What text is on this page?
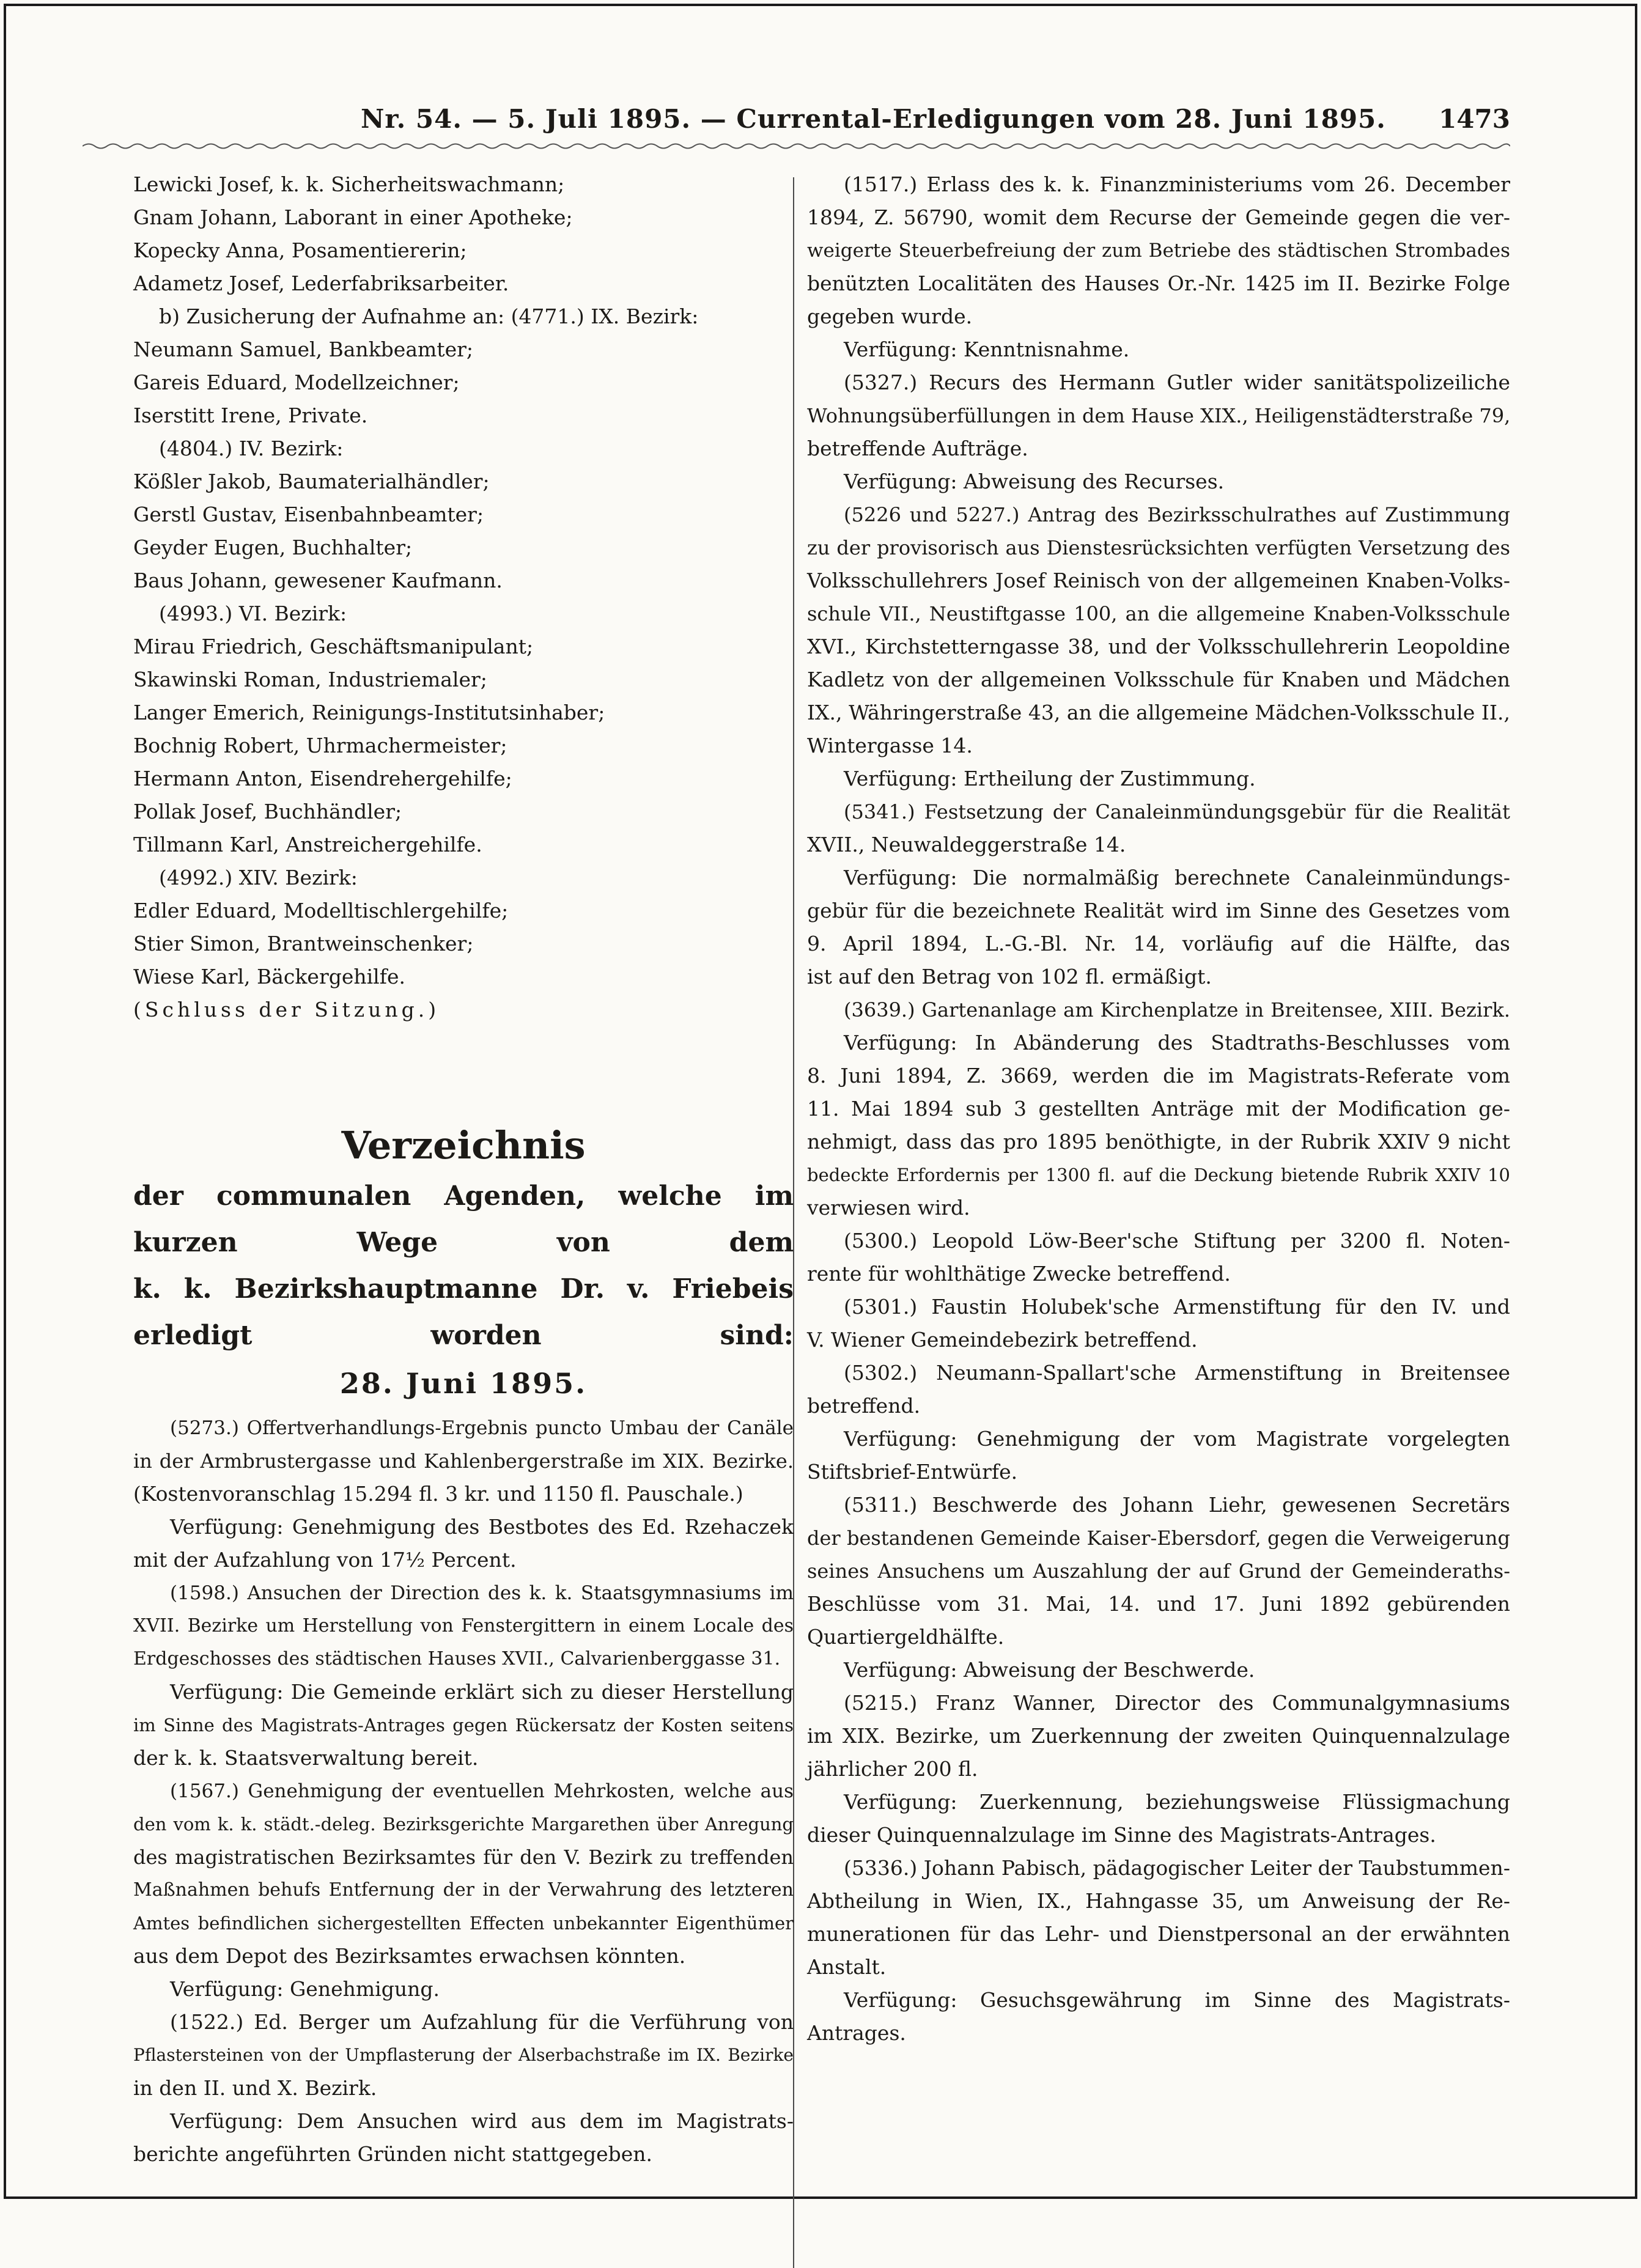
Nr. 54. — 5. Juli 1895. — Currental-Erledigungen vom 28. Juni 1895. 1473
Lewicki Josef, k. k. Sicherheitswachmann;
Gnam Johann, Laborant in einer Apotheke;
Kopecky Anna, Posamentiererin;
Adametz Josef, Lederfabriksarbeiter.
b) Zusicherung der Aufnahme an: (4771.) IX. Bezirk:
Neumann Samuel, Bankbeamter;
Gareis Eduard, Modellzeichner;
Iserstitt Irene, Private.
(4804.) IV. Bezirk:
Kößler Jakob, Baumaterialhändler;
Gerstl Gustav, Eisenbahnbeamter;
Geyder Eugen, Buchhalter;
Baus Johann, gewesener Kaufmann.
(4993.) VI. Bezirk:
Mirau Friedrich, Geschäftsmanipulant;
Skawinski Roman, Industriemaler;
Langer Emerich, Reinigungs-Institutsinhaber;
Bochnig Robert, Uhrmachermeister;
Hermann Anton, Eisendrehergehilfe;
Pollak Josef, Buchhändler;
Tillmann Karl, Anstreichergehilfe.
(4992.) XIV. Bezirk:
Edler Eduard, Modelltischlergehilfe;
Stier Simon, Brantweinschenker;
Wiese Karl, Bäckergehilfe.
(Schluss der Sitzung.)
Verzeichnis
der communalen Agenden, welche im kurzen Wege von dem
k. k. Bezirkshauptmanne Dr. v. Friebeis erledigt worden sind:
28. Juni 1895.
(5273.) Offertverhandlungs-Ergebnis puncto Umbau der Canäle
in der Armbrustergasse und Kahlenbergerstraße im XIX. Bezirke.
(Kostenvoranschlag 15.294 fl. 3 kr. und 1150 fl. Pauschale.)
Verfügung: Genehmigung des Bestbotes des Ed. Rzehaczek
mit der Aufzahlung von 17½ Percent.
(1598.) Ansuchen der Direction des k. k. Staatsgymnasiums im
XVII. Bezirke um Herstellung von Fenstergittern in einem Locale des
Erdgeschosses des städtischen Hauses XVII., Calvarienberggasse 31.
Verfügung: Die Gemeinde erklärt sich zu dieser Herstellung
im Sinne des Magistrats-Antrages gegen Rückersatz der Kosten seitens
der k. k. Staatsverwaltung bereit.
(1567.) Genehmigung der eventuellen Mehrkosten, welche aus
den vom k. k. städt.-deleg. Bezirksgerichte Margarethen über Anregung
des magistratischen Bezirksamtes für den V. Bezirk zu treffenden
Maßnahmen behufs Entfernung der in der Verwahrung des letzteren
Amtes befindlichen sichergestellten Effecten unbekannter Eigenthümer
aus dem Depot des Bezirksamtes erwachsen könnten.
Verfügung: Genehmigung.
(1522.) Ed. Berger um Aufzahlung für die Verführung von
Pflastersteinen von der Umpflasterung der Alserbachstraße im IX. Bezirke
in den II. und X. Bezirk.
Verfügung: Dem Ansuchen wird aus dem im Magistrats-
berichte angeführten Gründen nicht stattgegeben.
(1517.) Erlass des k. k. Finanzministeriums vom 26. December
1894, Z. 56790, womit dem Recurse der Gemeinde gegen die ver-
weigerte Steuerbefreiung der zum Betriebe des städtischen Strombades
benützten Localitäten des Hauses Or.-Nr. 1425 im II. Bezirke Folge
gegeben wurde.
Verfügung: Kenntnisnahme.
(5327.) Recurs des Hermann Gutler wider sanitätspolizeiliche
Wohnungsüberfüllungen in dem Hause XIX., Heiligenstädterstraße 79,
betreffende Aufträge.
Verfügung: Abweisung des Recurses.
(5226 und 5227.) Antrag des Bezirksschulrathes auf Zustimmung
zu der provisorisch aus Dienstesrücksichten verfügten Versetzung des
Volksschullehrers Josef Reinisch von der allgemeinen Knaben-Volks-
schule VII., Neustiftgasse 100, an die allgemeine Knaben-Volksschule
XVI., Kirchstetterngasse 38, und der Volksschullehrerin Leopoldine
Kadletz von der allgemeinen Volksschule für Knaben und Mädchen
IX., Währingerstraße 43, an die allgemeine Mädchen-Volksschule II.,
Wintergasse 14.
Verfügung: Ertheilung der Zustimmung.
(5341.) Festsetzung der Canaleinmündungsgebür für die Realität
XVII., Neuwaldeggerstraße 14.
Verfügung: Die normalmäßig berechnete Canaleinmündungs-
gebür für die bezeichnete Realität wird im Sinne des Gesetzes vom
9. April 1894, L.-G.-Bl. Nr. 14, vorläufig auf die Hälfte, das
ist auf den Betrag von 102 fl. ermäßigt.
(3639.) Gartenanlage am Kirchenplatze in Breitensee, XIII. Bezirk.
Verfügung: In Abänderung des Stadtraths-Beschlusses vom
8. Juni 1894, Z. 3669, werden die im Magistrats-Referate vom
11. Mai 1894 sub 3 gestellten Anträge mit der Modification ge-
nehmigt, dass das pro 1895 benöthigte, in der Rubrik XXIV 9 nicht
bedeckte Erfordernis per 1300 fl. auf die Deckung bietende Rubrik XXIV 10
verwiesen wird.
(5300.) Leopold Löw-Beer'sche Stiftung per 3200 fl. Noten-
rente für wohlthätige Zwecke betreffend.
(5301.) Faustin Holubek'sche Armenstiftung für den IV. und
V. Wiener Gemeindebezirk betreffend.
(5302.) Neumann-Spallart'sche Armenstiftung in Breitensee
betreffend.
Verfügung: Genehmigung der vom Magistrate vorgelegten
Stiftsbrief-Entwürfe.
(5311.) Beschwerde des Johann Liehr, gewesenen Secretärs
der bestandenen Gemeinde Kaiser-Ebersdorf, gegen die Verweigerung
seines Ansuchens um Auszahlung der auf Grund der Gemeinderaths-
Beschlüsse vom 31. Mai, 14. und 17. Juni 1892 gebürenden
Quartiergeldhälfte.
Verfügung: Abweisung der Beschwerde.
(5215.) Franz Wanner, Director des Communalgymnasiums
im XIX. Bezirke, um Zuerkennung der zweiten Quinquennalzulage
jährlicher 200 fl.
Verfügung: Zuerkennung, beziehungsweise Flüssigmachung
dieser Quinquennalzulage im Sinne des Magistrats-Antrages.
(5336.) Johann Pabisch, pädagogischer Leiter der Taubstummen-
Abtheilung in Wien, IX., Hahngasse 35, um Anweisung der Re-
munerationen für das Lehr- und Dienstpersonal an der erwähnten
Anstalt.
Verfügung: Gesuchsgewährung im Sinne des Magistrats-
Antrages.
